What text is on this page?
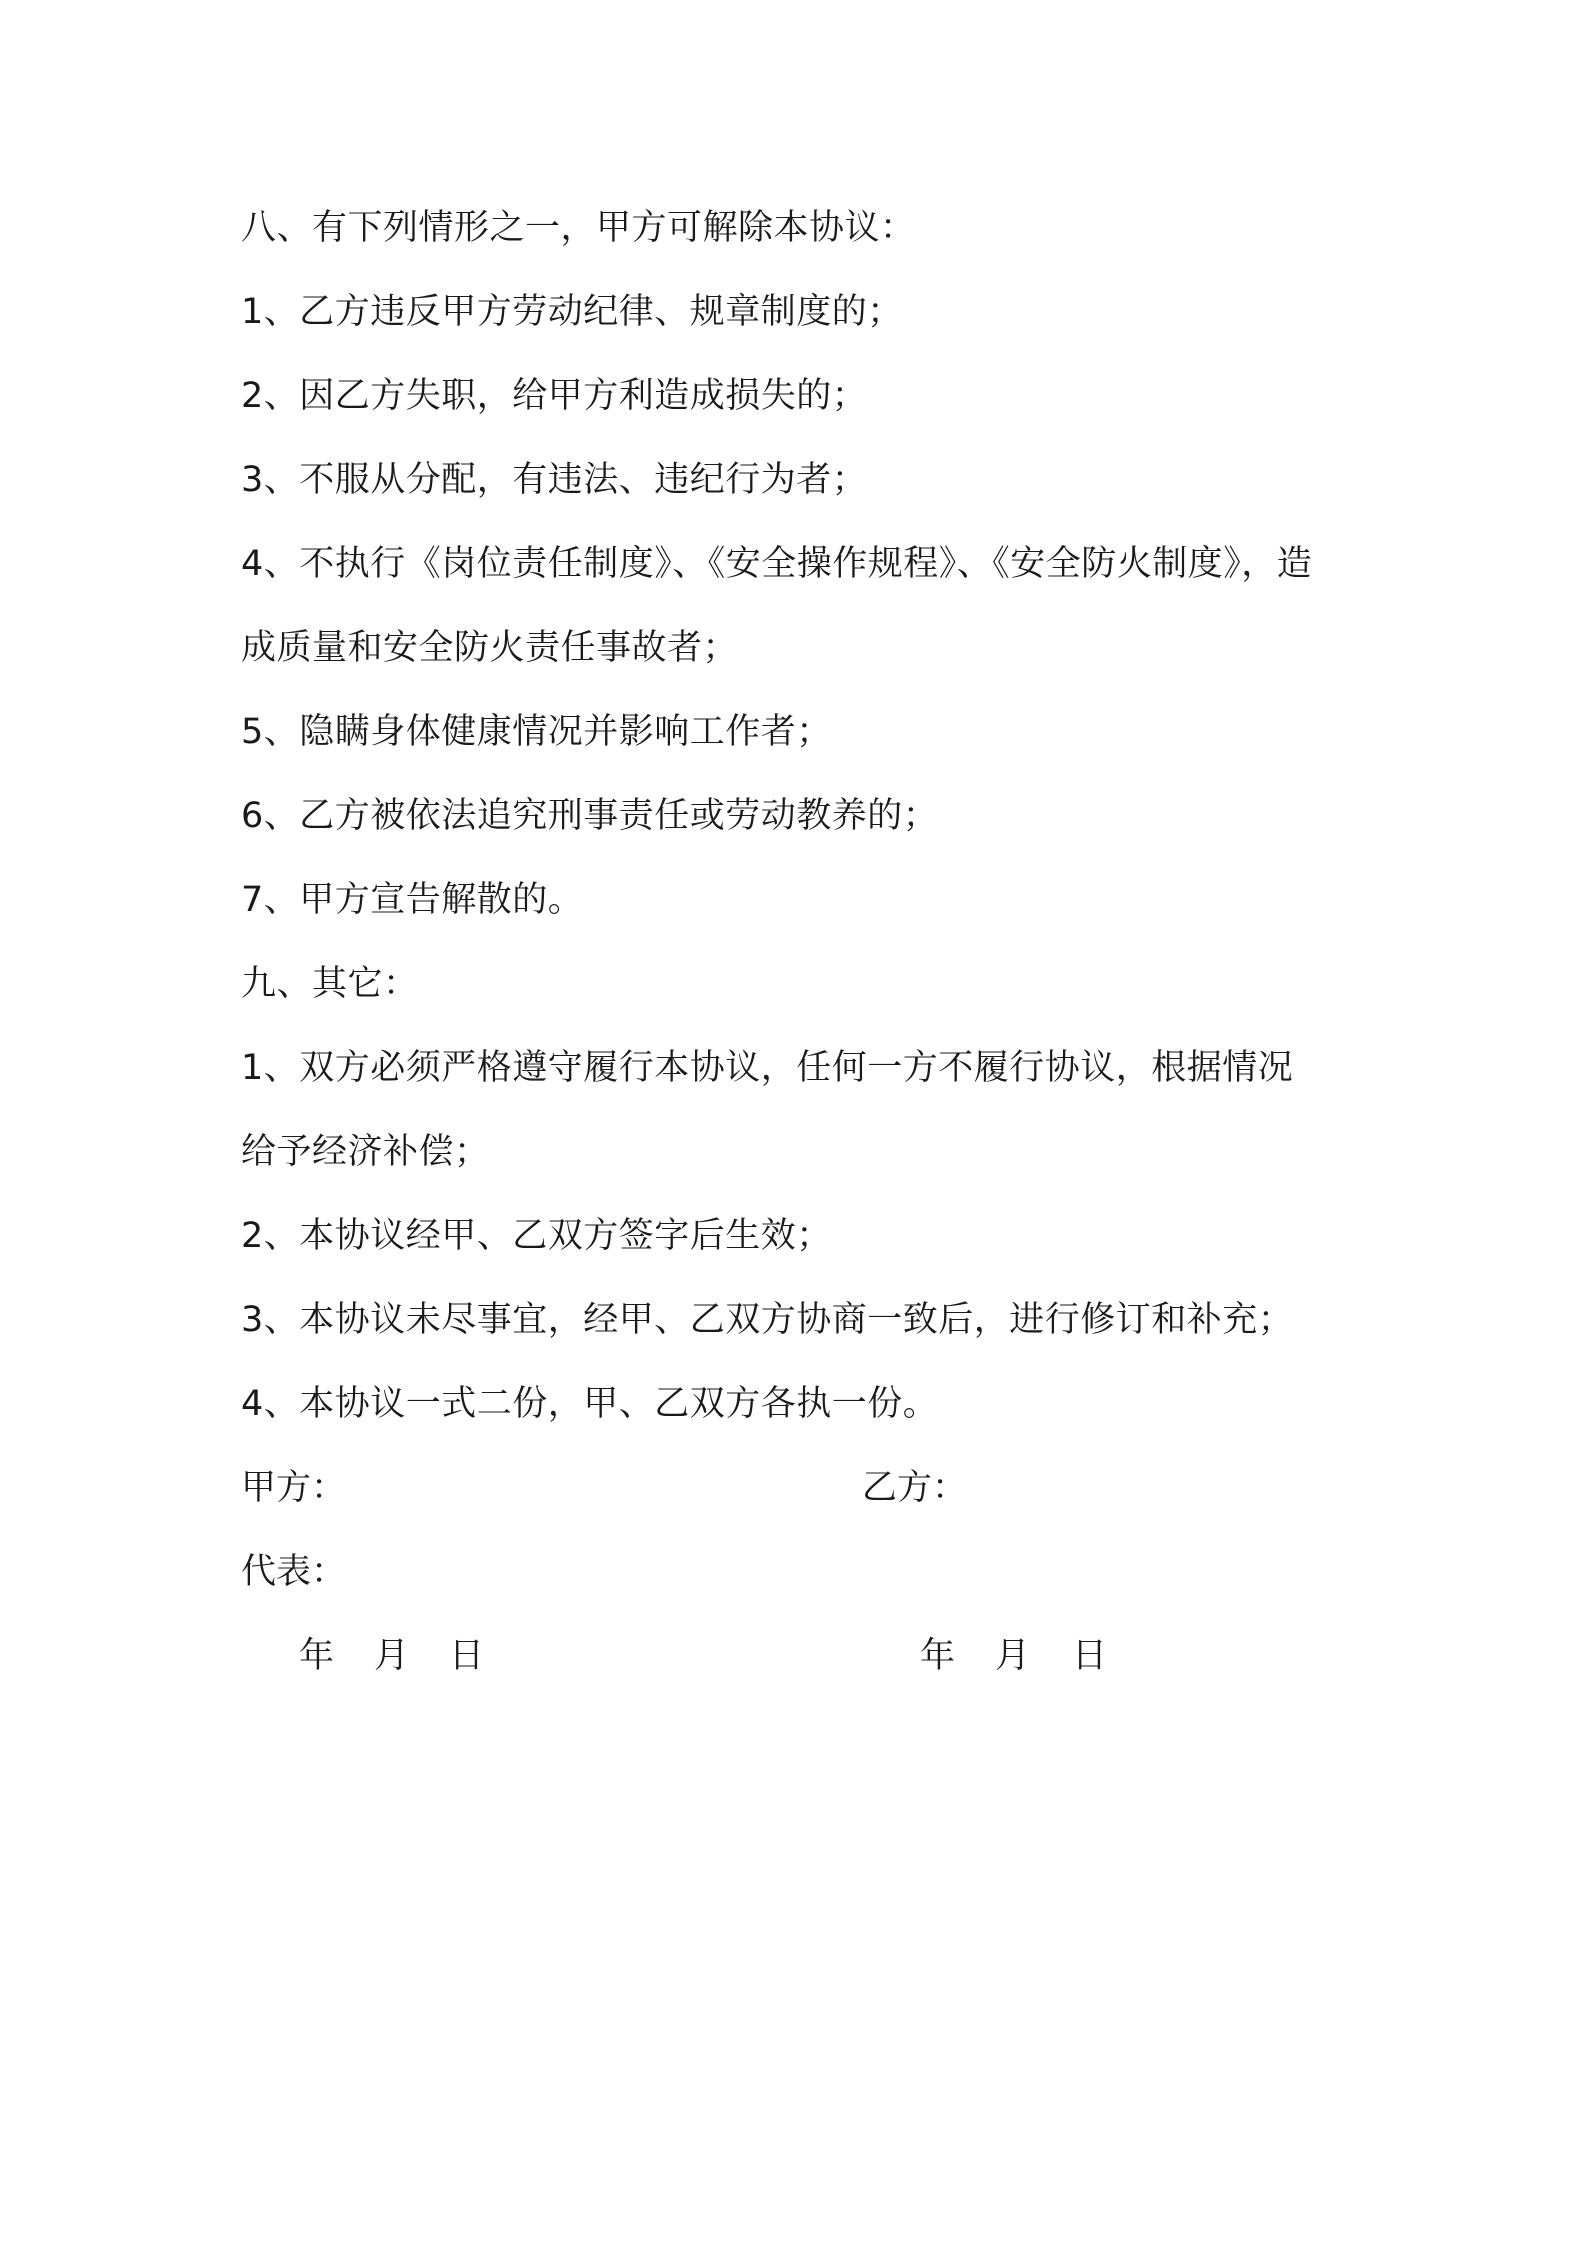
八、有下列情形之一，甲方可解除本协议：
1、乙方违反甲方劳动纪律、规章制度的；
2、因乙方失职，给甲方利造成损失的；
3、不服从分配，有违法、违纪行为者；
4、不执行《岗位责任制度》、《安全操作规程》、《安全防火制度》，造
成质量和安全防火责任事故者；
5、隐瞒身体健康情况并影响工作者；
6、乙方被依法追究刑事责任或劳动教养的；
7、甲方宣告解散的。
九、其它：
1、双方必须严格遵守履行本协议，任何一方不履行协议，根据情况
给予经济补偿；
2、本协议经甲、乙双方签字后生效；
3、本协议未尽事宜，经甲、乙双方协商一致后，进行修订和补充；
4、本协议一式二份，甲、乙双方各执一份。
甲方：	乙方：
代表：
年 月 日	年 月 日
